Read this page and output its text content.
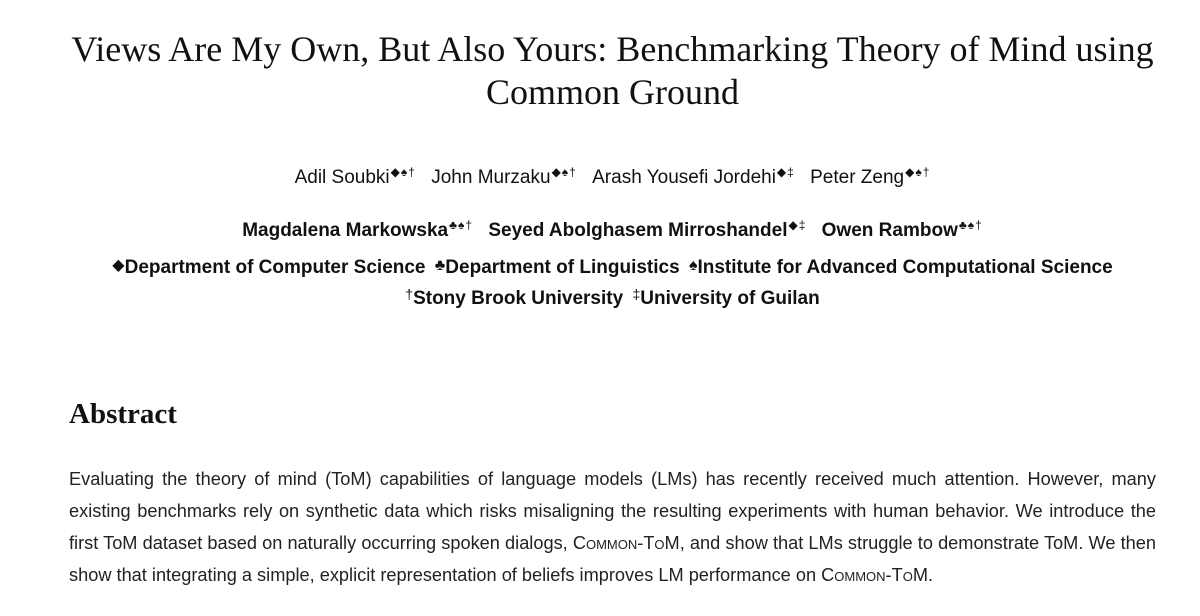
Views Are My Own, But Also Yours: Benchmarking Theory of Mind using Common Ground
Adil Soubki◆♠† John Murzaku◆♠† Arash Yousefi Jordehi◆‡ Peter Zeng◆♠†
Magdalena Markowska♣♠† Seyed Abolghasem Mirroshandel◆‡ Owen Rambow♣♠†
◆Department of Computer Science ♣Department of Linguistics ♠Institute for Advanced Computational Science
†Stony Brook University ‡University of Guilan
Abstract

Evaluating the theory of mind (ToM) capabilities of language models (LMs) has recently received much attention. However, many existing benchmarks rely on synthetic data which risks misaligning the resulting experiments with human behavior. We introduce the first ToM dataset based on naturally occurring spoken dialogs, Common-ToM, and show that LMs struggle to demonstrate ToM. We then show that integrating a simple, explicit representation of beliefs improves LM performance on Common-ToM.
